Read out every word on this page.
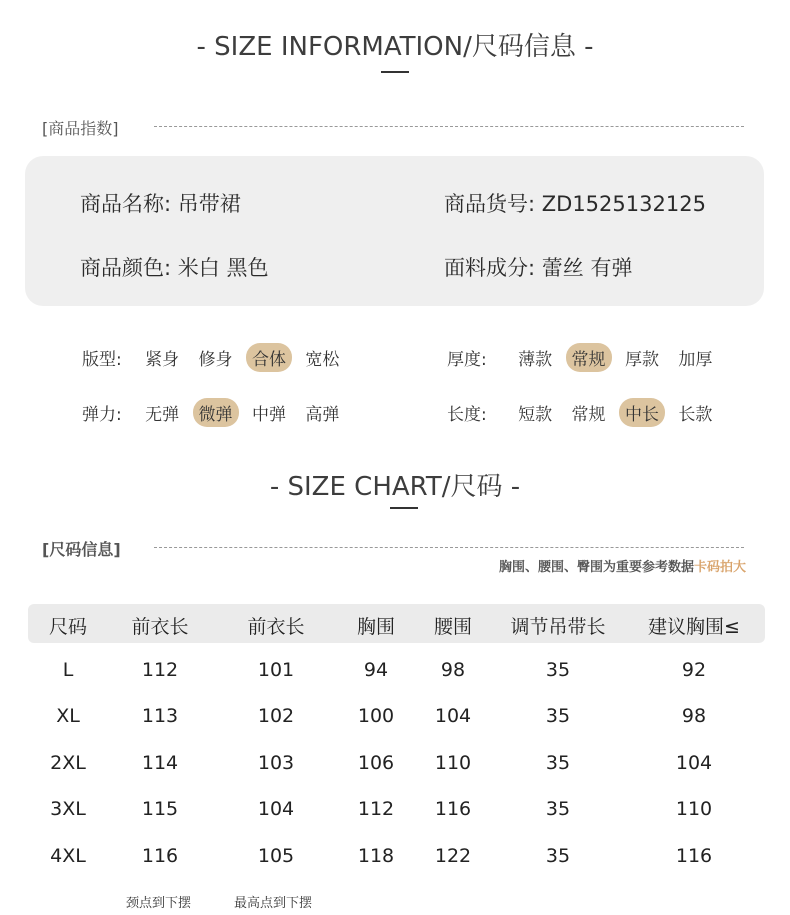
- SIZE INFORMATION/尺码信息 -
[商品指数]
商品名称: 吊带裙	商品货号: ZD1525132125
商品颜色: 米白 黑色	面料成分: 蕾丝 有弹
版型: 紧身 修身 合体 宽松	厚度: 薄款 常规 厚款 加厚
弹力: 无弹 微弹 中弹 高弹	长度: 短款 常规 中长 长款
- SIZE CHART/尺码 -
[尺码信息]
胸围、腰围、臀围为重要参考数据卡码拍大
尺码	前衣长	前衣长	胸围	腰围	调节吊带长	建议胸围≤
L	112	101	94	98	35	92
XL	113	102	100	104	35	98
2XL	114	103	106	110	35	104
3XL	115	104	112	116	35	110
4XL	116	105	118	122	35	116
颈点到下摆	最高点到下摆
